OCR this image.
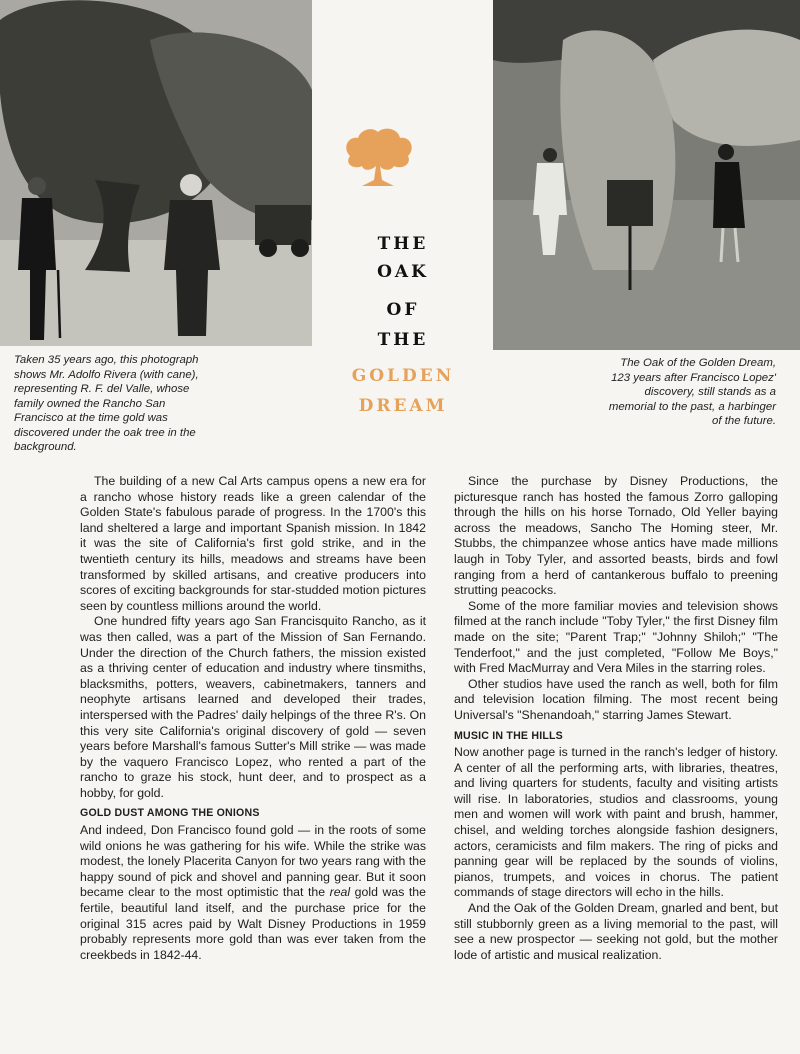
THE
OAK
OF
THE
GOLDEN
DREAM
Taken 35 years ago, this photograph shows Mr. Adolfo Rivera (with cane), representing R. F. del Valle, whose family owned the Rancho San Francisco at the time gold was discovered under the oak tree in the background.
The Oak of the Golden Dream, 123 years after Francisco Lopez' discovery, still stands as a memorial to the past, a harbinger of the future.

The building of a new Cal Arts campus opens a new era for a rancho whose history reads like a green calendar of the Golden State's fabulous parade of progress. In the 1700's this land sheltered a large and important Spanish mission. In 1842 it was the site of California's first gold strike, and in the twentieth century its hills, meadows and streams have been transformed by skilled artisans, and creative producers into scores of exciting backgrounds for star-studded motion pictures seen by countless millions around the world.

One hundred fifty years ago San Francisquito Rancho, as it was then called, was a part of the Mission of San Fernando. Under the direction of the Church fathers, the mission existed as a thriving center of education and industry where tinsmiths, blacksmiths, potters, weavers, cabinetmakers, tanners and neophyte artisans learned and developed their trades, interspersed with the Padres' daily helpings of the three R's. On this very site California's original discovery of gold — seven years before Marshall's famous Sutter's Mill strike — was made by the vaquero Francisco Lopez, who rented a part of the rancho to graze his stock, hunt deer, and to prospect as a hobby, for gold.

GOLD DUST AMONG THE ONIONS

And indeed, Don Francisco found gold — in the roots of some wild onions he was gathering for his wife. While the strike was modest, the lonely Placerita Canyon for two years rang with the happy sound of pick and shovel and panning gear. But it soon became clear to the most optimistic that the real gold was the fertile, beautiful land itself, and the purchase price for the original 315 acres paid by Walt Disney Productions in 1959 probably represents more gold than was ever taken from the creekbeds in 1842-44.

Since the purchase by Disney Productions, the picturesque ranch has hosted the famous Zorro galloping through the hills on his horse Tornado, Old Yeller baying across the meadows, Sancho The Homing steer, Mr. Stubbs, the chimpanzee whose antics have made millions laugh in Toby Tyler, and assorted beasts, birds and fowl ranging from a herd of cantankerous buffalo to preening strutting peacocks.

Some of the more familiar movies and television shows filmed at the ranch include "Toby Tyler," the first Disney film made on the site; "Parent Trap;" "Johnny Shiloh;" "The Tenderfoot," and the just completed, "Follow Me Boys," with Fred MacMurray and Vera Miles in the starring roles.

Other studios have used the ranch as well, both for film and television location filming. The most recent being Universal's "Shenandoah," starring James Stewart.

MUSIC IN THE HILLS

Now another page is turned in the ranch's ledger of history. A center of all the performing arts, with libraries, theatres, and living quarters for students, faculty and visiting artists will rise. In laboratories, studios and classrooms, young men and women will work with paint and brush, hammer, chisel, and welding torches alongside fashion designers, actors, ceramicists and film makers. The ring of picks and panning gear will be replaced by the sounds of violins, pianos, trumpets, and voices in chorus. The patient commands of stage directors will echo in the hills.

And the Oak of the Golden Dream, gnarled and bent, but still stubbornly green as a living memorial to the past, will see a new prospector — seeking not gold, but the mother lode of artistic and musical realization.
